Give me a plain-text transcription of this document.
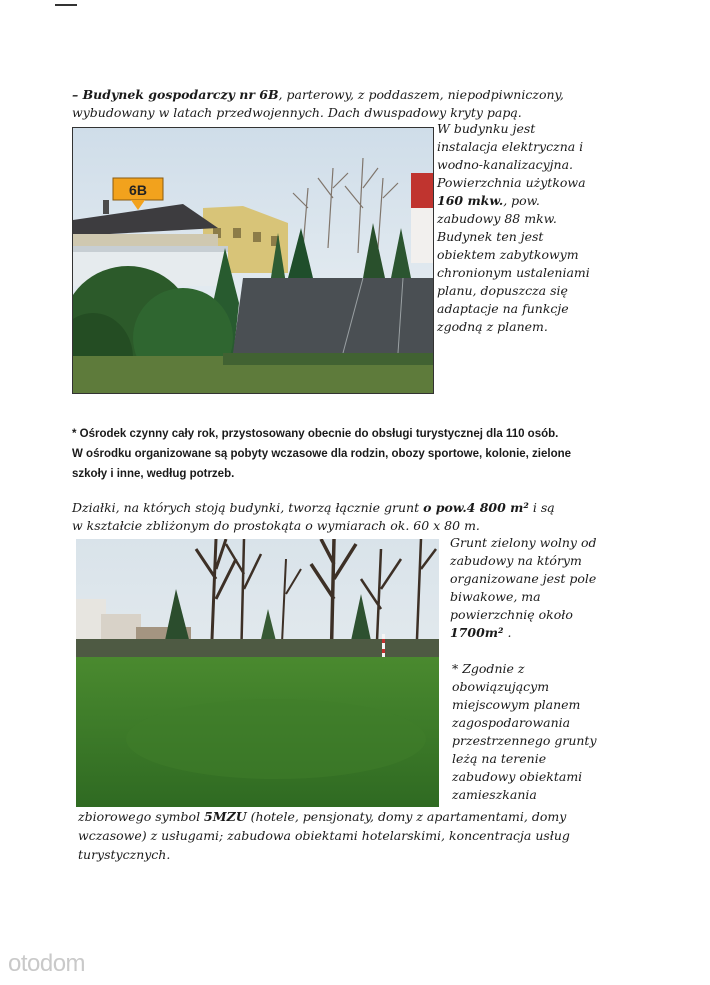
– Budynek gospodarczy nr 6B, parterowy, z poddaszem, niepodpiwniczony,
wybudowany w latach przedwojennych. Dach dwuspadowy kryty papą.
6B
W budynku jest
instalacja elektryczna i
wodno-kanalizacyjna.
Powierzchnia użytkowa
160 mkw., pow.
zabudowy 88 mkw.
Budynek ten jest
obiektem zabytkowym
chronionym ustaleniami
planu, dopuszcza się
adaptacje na funkcje
zgodną z planem.
* Ośrodek czynny cały rok, przystosowany obecnie do obsługi turystycznej dla 110 osób.
W ośrodku organizowane są pobyty wczasowe dla rodzin, obozy sportowe, kolonie, zielone
szkoły i inne, według potrzeb.
Działki, na których stoją budynki, tworzą łącznie grunt o pow.4 800 m² i są
w kształcie zbliżonym do prostokąta o wymiarach ok. 60 x 80 m.
Grunt zielony wolny od
zabudowy na którym
organizowane jest pole
biwakowe, ma
powierzchnię około
1700m² .
* Zgodnie z
obowiązującym
miejscowym planem
zagospodarowania
przestrzennego grunty
leżą na terenie
zabudowy obiektami
zamieszkania
zbiorowego symbol 5MZU (hotele, pensjonaty, domy z apartamentami, domy
wczasowe) z usługami; zabudowa obiektami hotelarskimi, koncentracja usług
turystycznych.
otodom
